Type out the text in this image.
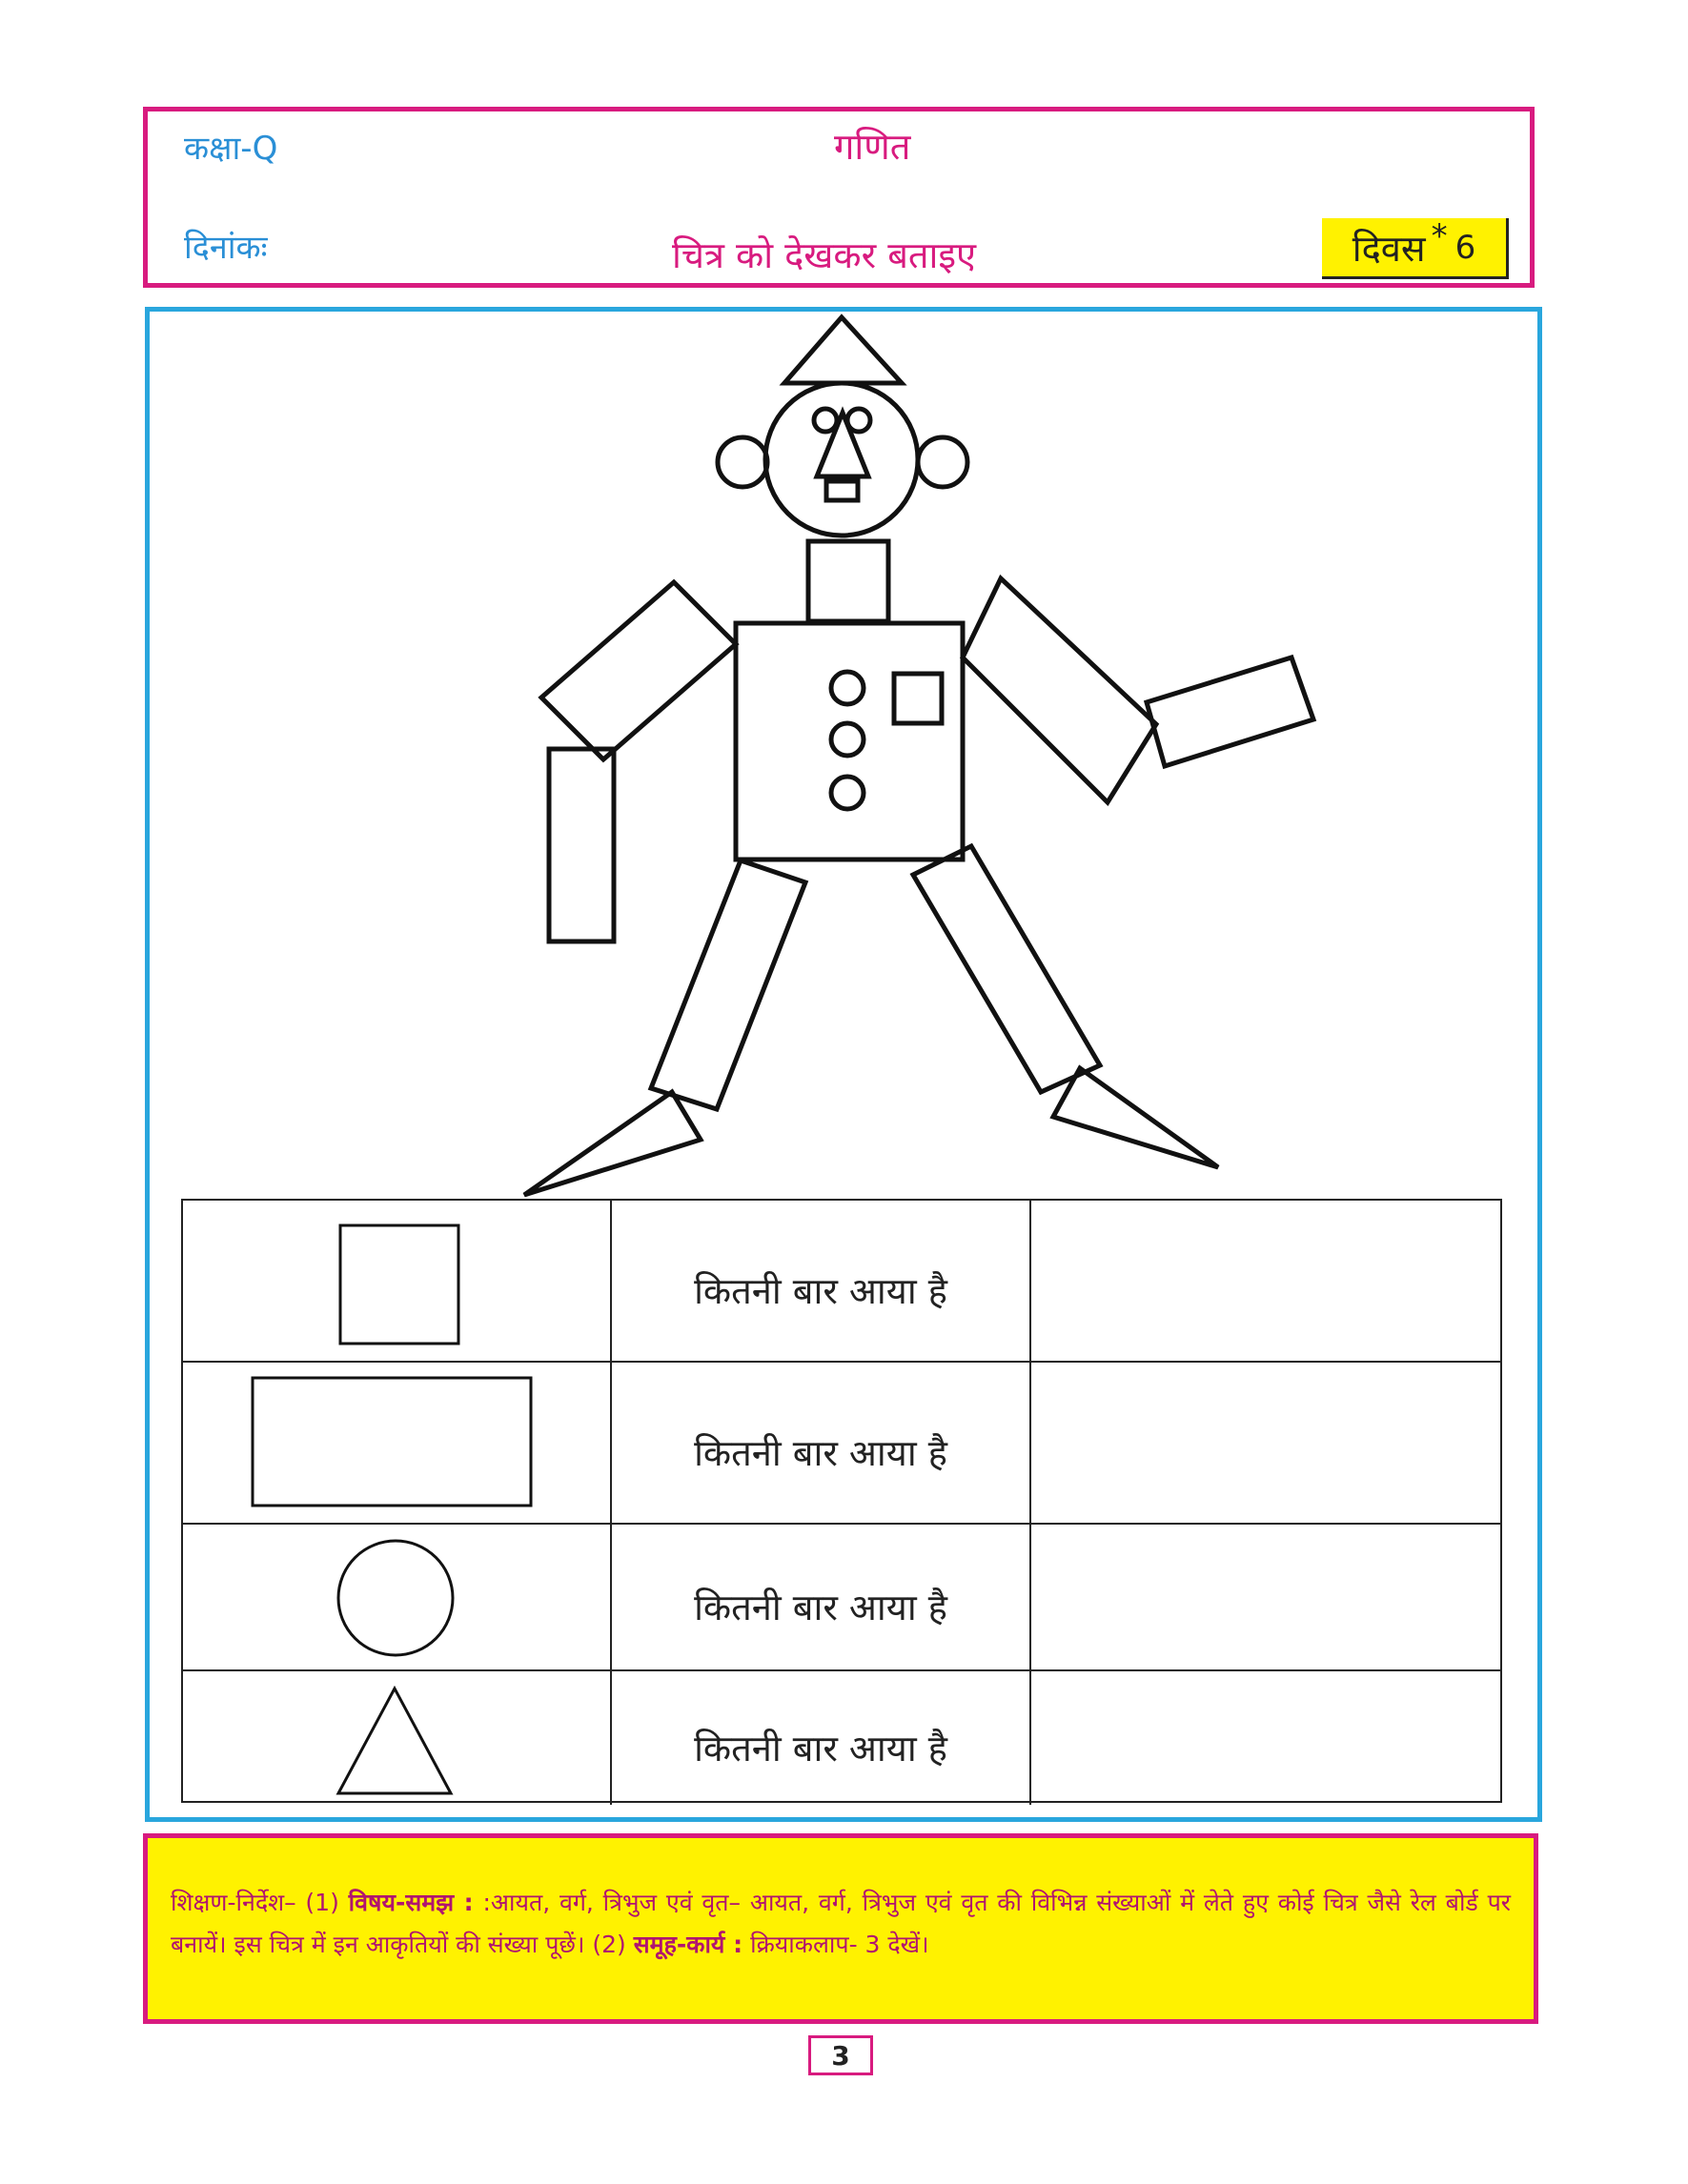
कक्षा-Q	गणित
दिनांकः	चित्र को देखकर बताइए	दिवस * 6
कितनी बार आया है
कितनी बार आया है
कितनी बार आया है
कितनी बार आया है
शिक्षण-निर्देश– (1) विषय-समझ : :आयत, वर्ग, त्रिभुज एवं वृत– आयत, वर्ग, त्रिभुज एवं वृत की विभिन्न संख्याओं में लेते हुए कोई चित्र जैसे रेल बोर्ड पर बनायें। इस चित्र में इन आकृतियों की संख्या पूछें। (2) समूह-कार्य : क्रियाकलाप- 3 देखें।
3
